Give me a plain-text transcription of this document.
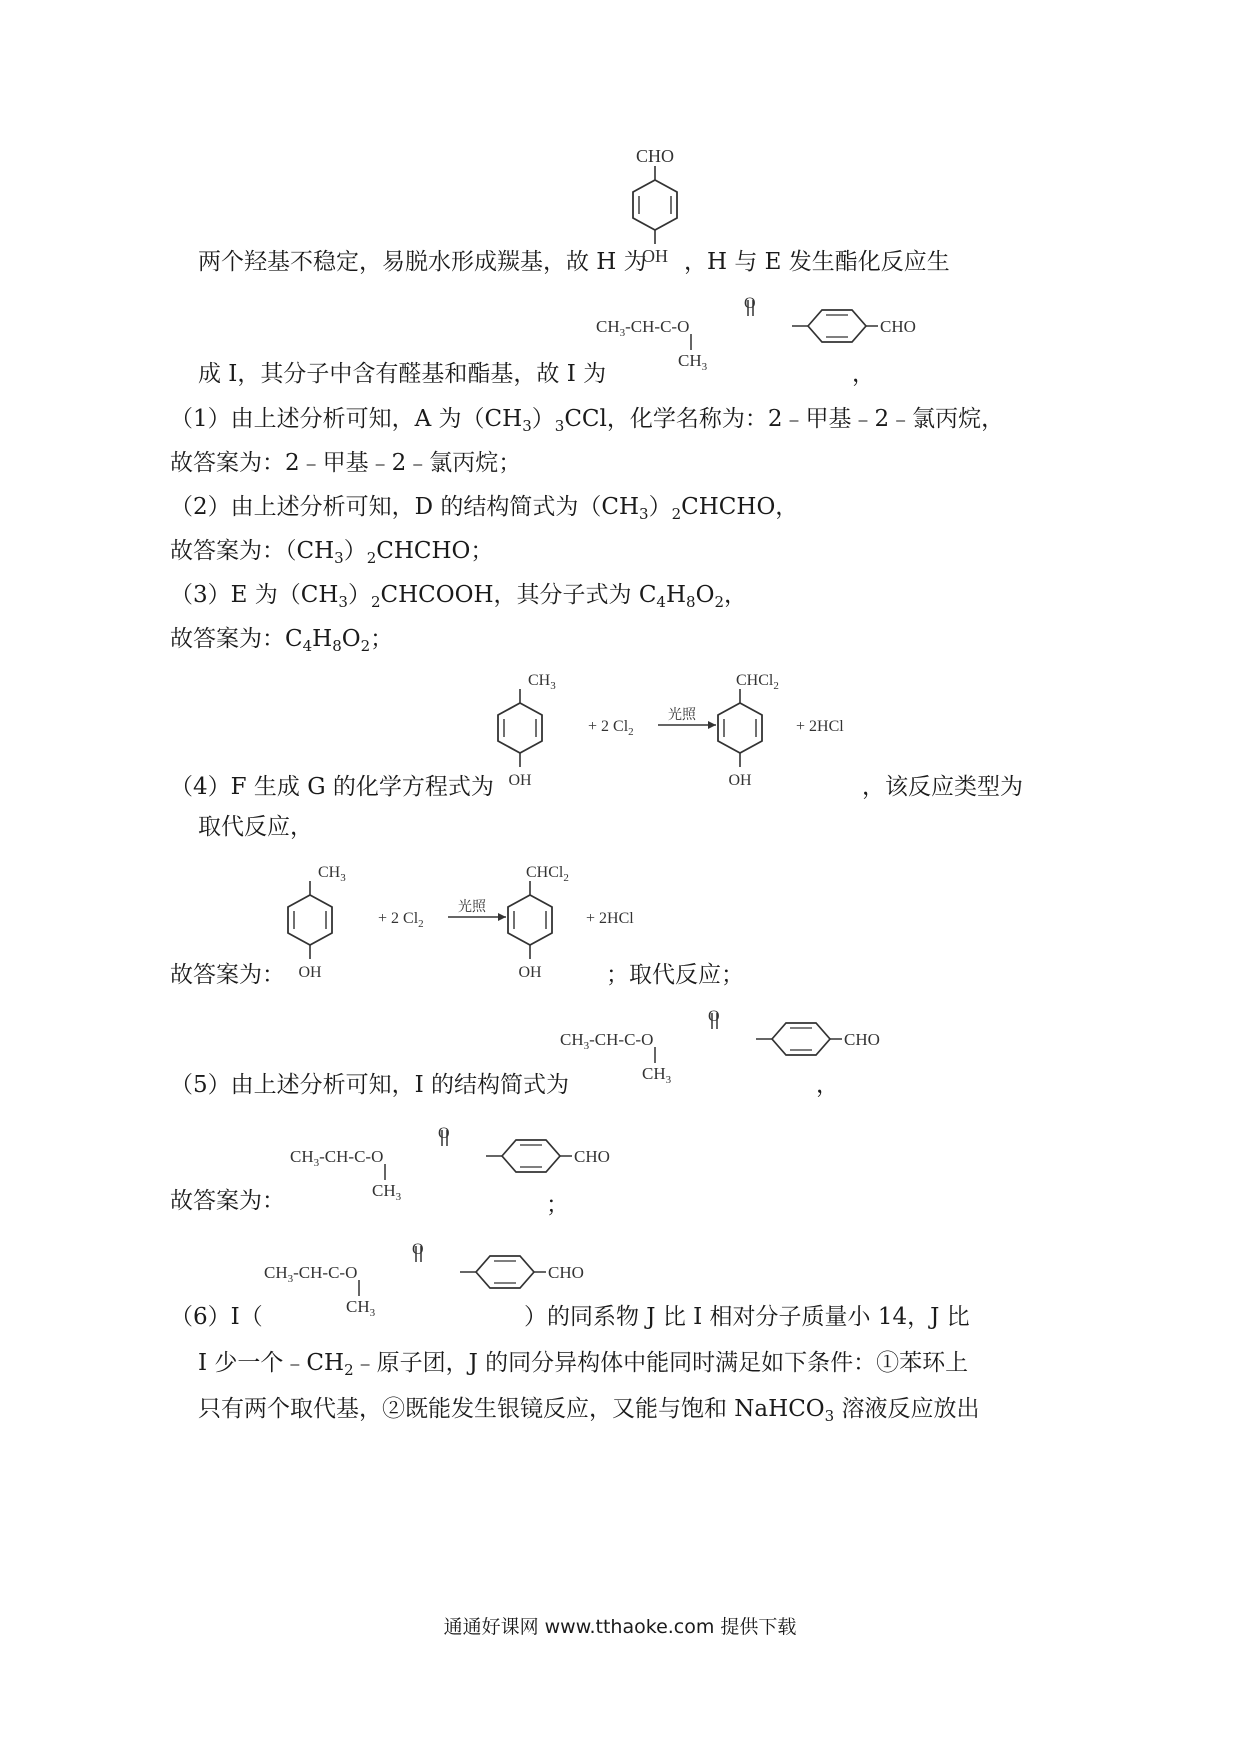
两个羟基不稳定，易脱水形成羰基，故 H 为
CHO
OH ，H 与 E 发生酯化反应生
成 I，其分子中含有醛基和酯基，故 I 为
$CH_3-CH-C-O$
O
$CH_3$
CHO
，
（1）由上述分析可知，A 为$(CH_3)_3CCl$，化学名称为：2﹣甲基﹣2﹣氯丙烷，
故答案为：2﹣甲基﹣2﹣氯丙烷；
（2）由上述分析可知，D 的结构简式为$(CH_3)_2CHCHO$，
故答案为：$(CH_3)_2CHCHO$；
（3）E 为$(CH_3)_2CHCOOH$，其分子式为 $C_4H_8O_2$，
故答案为：$C_4H_8O_2$；
（4）F 生成 G 的化学方程式为
$CH_3$
OH
+ 2 $Cl_2$
光照
CHCl$_2$
OH
+ 2HCl
，该反应类型为
取代反应，
故答案为：
$CH_3$
OH
+ 2 $Cl_2$
光照
CHCl$_2$
OH
+ 2HCl
；取代反应；
（5）由上述分析可知，I 的结构简式为
$CH_3-CH-C-O$
O
$CH_3$
CHO
，
故答案为：
$CH_3-CH-C-O$
O
$CH_3$
CHO
；
（6）I（
$CH_3-CH-C-O$
O
$CH_3$
CHO
）的同系物 J 比 I 相对分子质量小 14，J 比
I 少一个$﹣CH_2﹣$原子团，J 的同分异构体中能同时满足如下条件：①苯环上
只有两个取代基，②既能发生银镜反应，又能与饱和 NaHCO$_3$ 溶液反应放出
通通好课网 www.tthaoke.com 提供下载
